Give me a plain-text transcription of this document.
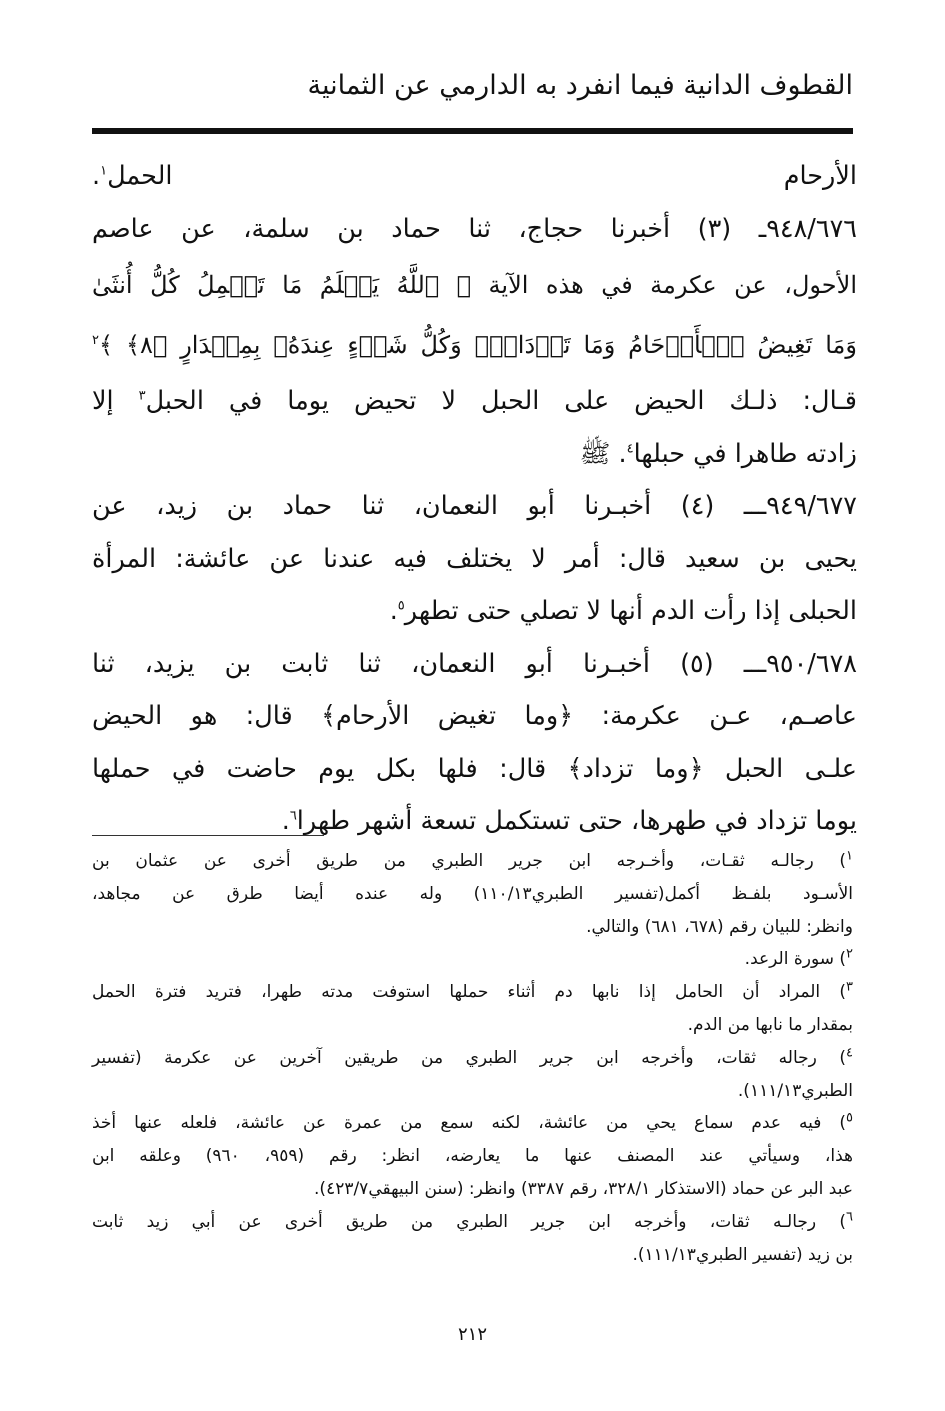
القطوف الدانية فيما انفرد به الدارمي عن الثمانية
الأرحام الحمل$^١$.
٩٤٨/٦٧٦ـ (٣) أخبرنا حجاج، ثنا حماد بن سلمة، عن عاصم
الأحول، عن عكرمة في هذه الآية ﴿ ٱللَّهُ يَعۡلَمُ مَا تَحۡمِلُ كُلُّ أُنثَىٰ
وَمَا تَغِيضُ ٱلۡأَرۡحَامُ وَمَا تَزۡدَادُۚ وَكُلُّ شَيۡءٍ عِندَهُۥ بِمِقۡدَارٍ ﴿٨﴾ ﴾$^٢$
قـال: ذلـك الحيض على الحبل لا تحيض يوما في الحبل$^٣$ إلا
زادته طاهرا في حبلها$^٤$. ﷺ
٩٤٩/٦٧٧ـــ (٤) أخبـرنا أبو النعمان، ثنا حماد بن زيد، عن
يحيى بن سعيد قال: أمر لا يختلف فيه عندنا عن عائشة: المرأة
الحبلى إذا رأت الدم أنها لا تصلي حتى تطهر$^٥$.
٩٥٠/٦٧٨ـــ (٥) أخبـرنا أبو النعمان، ثنا ثابت بن يزيد، ثنا
عاصـم، عـن عكرمة: ﴿وما تغيض الأرحام﴾ قال: هو الحيض
علـى الحبل ﴿وما تزداد﴾ قال: فلها بكل يوم حاضت في حملها
يوما تزداد في طهرها، حتى تستكمل تسعة أشهر طهرا$^٦$.
$^١$) رجالـه ثقـات، وأخـرجه ابن جرير الطبري من طريق أخرى عن عثمان بن
الأسـود بلفـظ أكمل(تفسير الطبري١١٠/١٣) وله عنده أيضا طرق عن مجاهد،
وانظر: للبيان رقم (٦٧٨، ٦٨١) والتالي.
$^٢$) سورة الرعد.
$^٣$) المراد أن الحامل إذا نابها دم أثناء حملها استوفت مدته طهرا، فتريد فترة الحمل
بمقدار ما نابها من الدم.
$^٤$) رجاله ثقات، وأخرجه ابن جرير الطبري من طريقين آخرين عن عكرمة (تفسير
الطبري١١١/١٣).
$^٥$) فيه عدم سماع يحي من عائشة، لكنه سمع من عمرة عن عائشة، فلعله عنها أخذ
هذا، وسيأتي عند المصنف عنها ما يعارضه، انظر: رقم (٩٥٩، ٩٦٠) وعلقه ابن
عبد البر عن حماد (الاستذكار ٣٢٨/١، رقم ٣٣٨٧) وانظر: (سنن البيهقي٤٢٣/٧).
$^٦$) رجالـه ثقات، وأخرجه ابن جرير الطبري من طريق أخرى عن أبي زيد ثابت
بن زيد (تفسير الطبري١١١/١٣).
٢١٢
